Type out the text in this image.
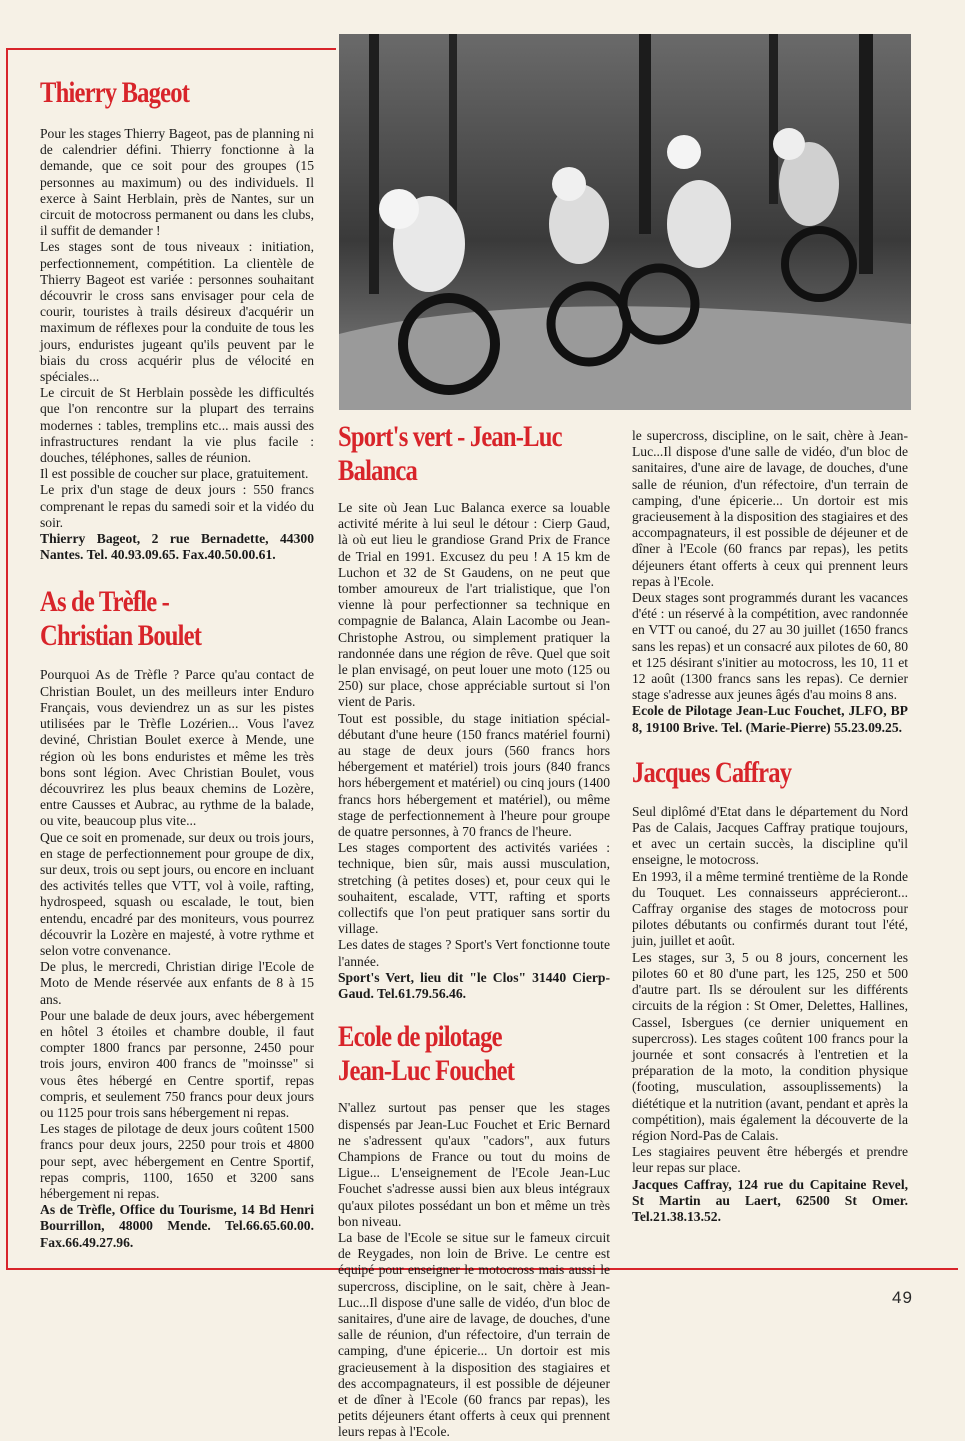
Thierry Bageot

Pour les stages Thierry Bageot, pas de planning ni de calendrier défini. Thierry fonctionne à la demande, que ce soit pour des groupes (15 personnes au maximum) ou des individuels. Il exerce à Saint Herblain, près de Nantes, sur un circuit de motocross permanent ou dans les clubs, il suffit de demander !

Les stages sont de tous niveaux : initiation, perfectionnement, compétition. La clientèle de Thierry Bageot est variée : personnes souhaitant découvrir le cross sans envisager pour cela de courir, touristes à trails désireux d'acquérir un maximum de réflexes pour la conduite de tous les jours, enduristes jugeant qu'ils peuvent par le biais du cross acquérir plus de vélocité en spéciales...

Le circuit de St Herblain possède les difficultés que l'on rencontre sur la plupart des terrains modernes : tables, tremplins etc... mais aussi des infrastructures rendant la vie plus facile : douches, téléphones, salles de réunion.

Il est possible de coucher sur place, gratuitement.

Le prix d'un stage de deux jours : 550 francs comprenant le repas du samedi soir et la vidéo du soir.

Thierry Bageot, 2 rue Bernadette, 44300 Nantes. Tel. 40.93.09.65. Fax.40.50.00.61.

As de Trèfle -
Christian Boulet

Pourquoi As de Trèfle ? Parce qu'au contact de Christian Boulet, un des meilleurs inter Enduro Français, vous deviendrez un as sur les pistes utilisées par le Trèfle Lozérien... Vous l'avez deviné, Christian Boulet exerce à Mende, une région où les bons enduristes et même les très bons sont légion. Avec Christian Boulet, vous découvrirez les plus beaux chemins de Lozère, entre Causses et Aubrac, au rythme de la balade, ou vite, beaucoup plus vite...

Que ce soit en promenade, sur deux ou trois jours, en stage de perfectionnement pour groupe de dix, sur deux, trois ou sept jours, ou encore en incluant des activités telles que VTT, vol à voile, rafting, hydrospeed, squash ou escalade, le tout, bien entendu, encadré par des moniteurs, vous pourrez découvrir la Lozère en majesté, à votre rythme et selon votre convenance.

De plus, le mercredi, Christian dirige l'Ecole de Moto de Mende réservée aux enfants de 8 à 15 ans.

Pour une balade de deux jours, avec hébergement en hôtel 3 étoiles et chambre double, il faut compter 1800 francs par personne, 2450 pour trois jours, environ 400 francs de "moinsse" si vous êtes hébergé en Centre sportif, repas compris, et seulement 750 francs pour deux jours ou 1125 pour trois sans hébergement ni repas.

Les stages de pilotage de deux jours coûtent 1500 francs pour deux jours, 2250 pour trois et 4800 pour sept, avec hébergement en Centre Sportif, repas compris, 1100, 1650 et 3200 sans hébergement ni repas.

As de Trèfle, Office du Tourisme, 14 Bd Henri Bourrillon, 48000 Mende. Tel.66.65.60.00. Fax.66.49.27.96.

Sport's vert - Jean-Luc
Balanca

Le site où Jean Luc Balanca exerce sa louable activité mérite à lui seul le détour : Cierp Gaud, là où eut lieu le grandiose Grand Prix de France de Trial en 1991. Excusez du peu ! A 15 km de Luchon et 32 de St Gaudens, on ne peut que tomber amoureux de l'art trialistique, que l'on vienne là pour perfectionner sa technique en compagnie de Balanca, Alain Lacombe ou Jean-Christophe Astrou, ou simplement pratiquer la randonnée dans une région de rêve. Quel que soit le plan envisagé, on peut louer une moto (125 ou 250) sur place, chose appréciable surtout si l'on vient de Paris.

Tout est possible, du stage initiation spécial-débutant d'une heure (150 francs matériel fourni) au stage de deux jours (560 francs hors hébergement et matériel) trois jours (840 francs hors hébergement et matériel) ou cinq jours (1400 francs hors hébergement et matériel), ou même stage de perfectionnement à l'heure pour groupe de quatre personnes, à 70 francs de l'heure.

Les stages comportent des activités variées : technique, bien sûr, mais aussi musculation, stretching (à petites doses) et, pour ceux qui le souhaitent, escalade, VTT, rafting et sports collectifs que l'on peut pratiquer sans sortir du village.

Les dates de stages ? Sport's Vert fonctionne toute l'année.

Sport's Vert, lieu dit "le Clos" 31440 Cierp-Gaud. Tel.61.79.56.46.

Ecole de pilotage
Jean-Luc Fouchet

N'allez surtout pas penser que les stages dispensés par Jean-Luc Fouchet et Eric Bernard ne s'adressent qu'aux "cadors", aux futurs Champions de France ou tout du moins de Ligue... L'enseignement de l'Ecole Jean-Luc Fouchet s'adresse aussi bien aux bleus intégraux qu'aux pilotes possédant un bon et même un très bon niveau.

La base de l'Ecole se situe sur le fameux circuit de Reygades, non loin de Brive. Le centre est équipé pour enseigner le motocross mais aussi le supercross, discipline, on le sait, chère à Jean-Luc...Il dispose d'une salle de vidéo, d'un bloc de sanitaires, d'une aire de lavage, de douches, d'une salle de réunion, d'un réfectoire, d'un terrain de camping, d'une épicerie... Un dortoir est mis gracieusement à la disposition des stagiaires et des accompagnateurs, il est possible de déjeuner et de dîner à l'Ecole (60 francs par repas), les petits déjeuners étant offerts à ceux qui prennent leurs repas à l'Ecole.

le supercross, discipline, on le sait, chère à Jean-Luc...Il dispose d'une salle de vidéo, d'un bloc de sanitaires, d'une aire de lavage, de douches, d'une salle de réunion, d'un réfectoire, d'un terrain de camping, d'une épicerie... Un dortoir est mis gracieusement à la disposition des stagiaires et des accompagnateurs, il est possible de déjeuner et de dîner à l'Ecole (60 francs par repas), les petits déjeuners étant offerts à ceux qui prennent leurs repas à l'Ecole.

Deux stages sont programmés durant les vacances d'été : un réservé à la compétition, avec randonnée en VTT ou canoé, du 27 au 30 juillet (1650 francs sans les repas) et un consacré aux pilotes de 60, 80 et 125 désirant s'initier au motocross, les 10, 11 et 12 août (1300 francs sans les repas). Ce dernier stage s'adresse aux jeunes âgés d'au moins 8 ans.

Ecole de Pilotage Jean-Luc Fouchet, JLFO, BP 8, 19100 Brive. Tel. (Marie-Pierre) 55.23.09.25.

Jacques Caffray

Seul diplômé d'Etat dans le département du Nord Pas de Calais, Jacques Caffray pratique toujours, et avec un certain succès, la discipline qu'il enseigne, le motocross.

En 1993, il a même terminé trentième de la Ronde du Touquet. Les connaisseurs apprécieront... Caffray organise des stages de motocross pour pilotes débutants ou confirmés durant tout l'été, juin, juillet et août.

Les stages, sur 3, 5 ou 8 jours, concernent les pilotes 60 et 80 d'une part, les 125, 250 et 500 d'autre part. Ils se déroulent sur les différents circuits de la région : St Omer, Delettes, Hallines, Cassel, Isbergues (ce dernier uniquement en supercross). Les stages coûtent 100 francs pour la journée et sont consacrés à l'entretien et la préparation de la moto, la condition physique (footing, musculation, assouplissements) la diététique et la nutrition (avant, pendant et après la compétition), mais également la découverte de la région Nord-Pas de Calais.

Les stagiaires peuvent être hébergés et prendre leur repas sur place.

Jacques Caffray, 124 rue du Capitaine Revel, St Martin au Laert, 62500 St Omer. Tel.21.38.13.52.

49
